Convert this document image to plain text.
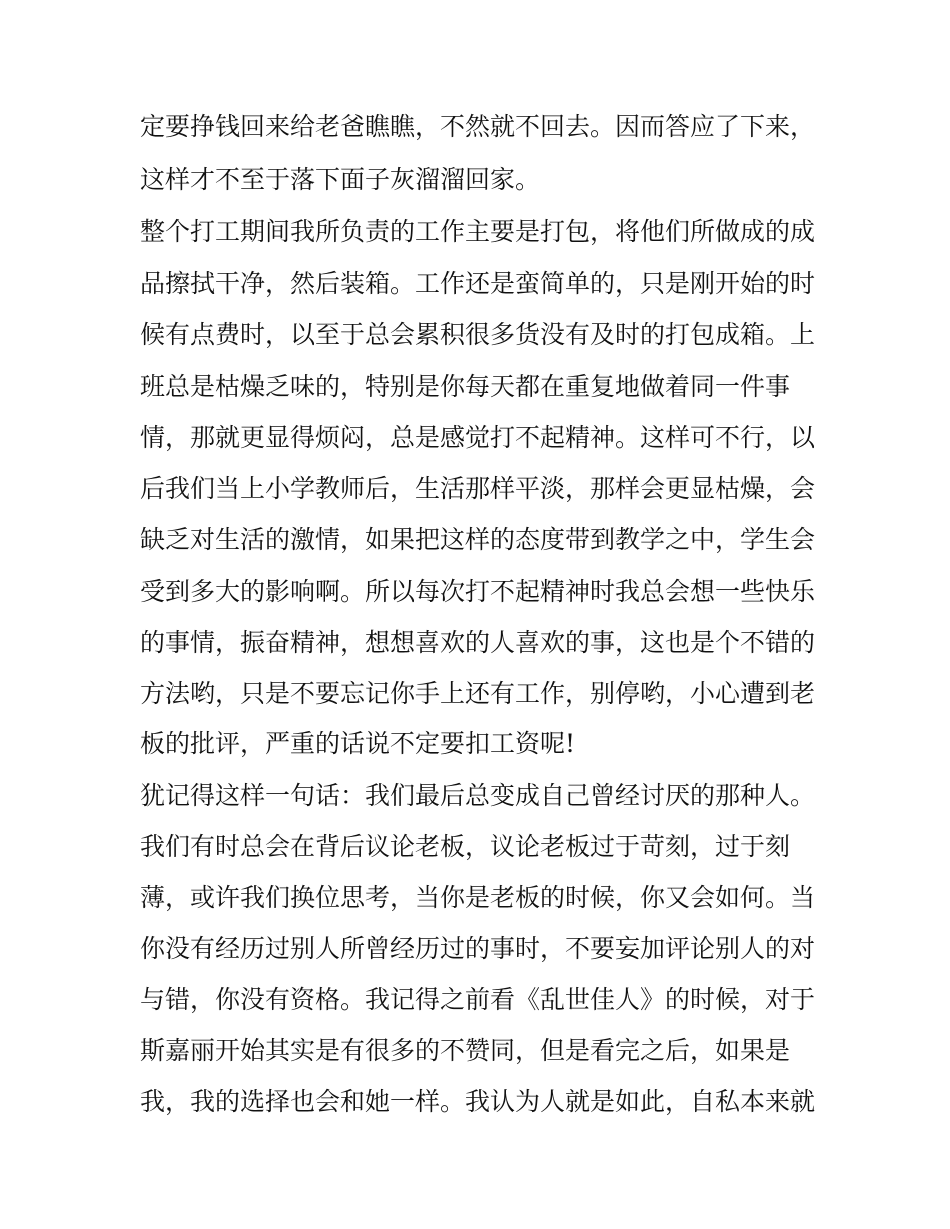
定要挣钱回来给老爸瞧瞧，不然就不回去。因而答应了下来，
这样才不至于落下面子灰溜溜回家。
整个打工期间我所负责的工作主要是打包，将他们所做成的成
品擦拭干净，然后装箱。工作还是蛮简单的，只是刚开始的时
候有点费时，以至于总会累积很多货没有及时的打包成箱。上
班总是枯燥乏味的，特别是你每天都在重复地做着同一件事
情，那就更显得烦闷，总是感觉打不起精神。这样可不行，以
后我们当上小学教师后，生活那样平淡，那样会更显枯燥，会
缺乏对生活的激情，如果把这样的态度带到教学之中，学生会
受到多大的影响啊。所以每次打不起精神时我总会想一些快乐
的事情，振奋精神，想想喜欢的人喜欢的事，这也是个不错的
方法哟，只是不要忘记你手上还有工作，别停哟，小心遭到老
板的批评，严重的话说不定要扣工资呢!
犹记得这样一句话：我们最后总变成自己曾经讨厌的那种人。
我们有时总会在背后议论老板，议论老板过于苛刻，过于刻
薄，或许我们换位思考，当你是老板的时候，你又会如何。当
你没有经历过别人所曾经历过的事时，不要妄加评论别人的对
与错，你没有资格。我记得之前看《乱世佳人》的时候，对于
斯嘉丽开始其实是有很多的不赞同，但是看完之后，如果是
我，我的选择也会和她一样。我认为人就是如此，自私本来就
